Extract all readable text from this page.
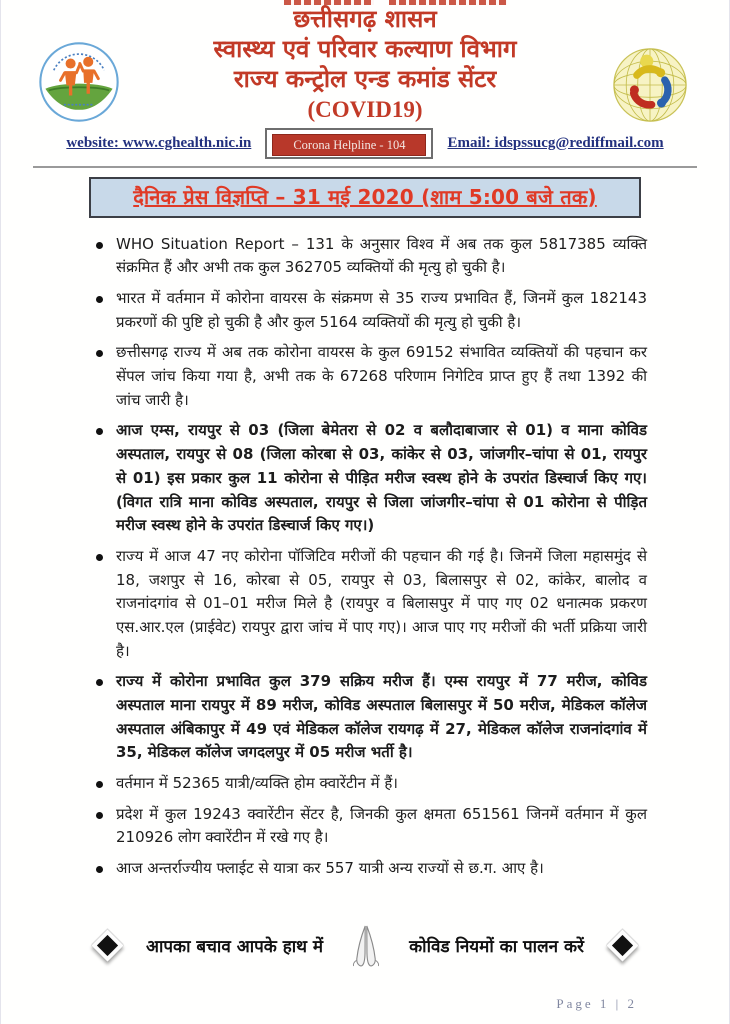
छत्तीसगढ़ शासन
स्वास्थ्य एवं परिवार कल्याण विभाग
राज्य कन्ट्रोल एन्ड कमांड सेंटर
(COVID19)
website: www.cghealth.nic.in	Corona Helpline - 104	Email: idspssucg@rediffmail.com
दैनिक प्रेस विज्ञप्ति – 31 मई 2020 (शाम 5:00 बजे तक)
WHO Situation Report – 131 के अनुसार विश्व में अब तक कुल 5817385 व्यक्ति संक्रमित हैं और अभी तक कुल 362705 व्यक्तियों की मृत्यु हो चुकी है।
भारत में वर्तमान में कोरोना वायरस के संक्रमण से 35 राज्य प्रभावित हैं, जिनमें कुल 182143 प्रकरणों की पुष्टि हो चुकी है और कुल 5164 व्यक्तियों की मृत्यु हो चुकी है।
छत्तीसगढ़ राज्य में अब तक कोरोना वायरस के कुल 69152 संभावित व्यक्तियों की पहचान कर सेंपल जांच किया गया है, अभी तक के 67268 परिणाम निगेटिव प्राप्त हुए हैं तथा 1392 की जांच जारी है।
आज एम्स, रायपुर से 03 (जिला बेमेतरा से 02 व बलौदाबाजार से 01) व माना कोविड अस्पताल, रायपुर से 08 (जिला कोरबा से 03, कांकेर से 03, जांजगीर–चांपा से 01, रायपुर से 01) इस प्रकार कुल 11 कोरोना से पीड़ित मरीज स्वस्थ होने के उपरांत डिस्चार्ज किए गए। (विगत रात्रि माना कोविड अस्पताल, रायपुर से जिला जांजगीर–चांपा से 01 कोरोना से पीड़ित मरीज स्वस्थ होने के उपरांत डिस्चार्ज किए गए।)
राज्य में आज 47 नए कोरोना पॉजिटिव मरीजों की पहचान की गई है। जिनमें जिला महासमुंद से 18, जशपुर से 16, कोरबा से 05, रायपुर से 03, बिलासपुर से 02, कांकेर, बालोद व राजनांदगांव से 01–01 मरीज मिले है (रायपुर व बिलासपुर में पाए गए 02 धनात्मक प्रकरण एस.आर.एल (प्राईवेट) रायपुर द्वारा जांच में पाए गए)। आज पाए गए मरीजों की भर्ती प्रक्रिया जारी है।
राज्य में कोरोना प्रभावित कुल 379 सक्रिय मरीज हैं। एम्स रायपुर में 77 मरीज, कोविड अस्पताल माना रायपुर में 89 मरीज, कोविड अस्पताल बिलासपुर में 50 मरीज, मेडिकल कॉलेज अस्पताल अंबिकापुर में 49 एवं मेडिकल कॉलेज रायगढ़ में 27, मेडिकल कॉलेज राजनांदगांव में 35, मेडिकल कॉलेज जगदलपुर में 05 मरीज भर्ती है।
वर्तमान में 52365 यात्री/व्यक्ति होम क्वारेंटीन में हैं।
प्रदेश में कुल 19243 क्वारेंटीन सेंटर है, जिनकी कुल क्षमता 651561 जिनमें वर्तमान में कुल 210926 लोग क्वारेंटीन में रखे गए है।
आज अन्तर्राज्यीय फ्लाईट से यात्रा कर 557 यात्री अन्य राज्यों से छ.ग. आए है।
आपका बचाव आपके हाथ में	कोविड नियमों का पालन करें
Page 1 | 2
